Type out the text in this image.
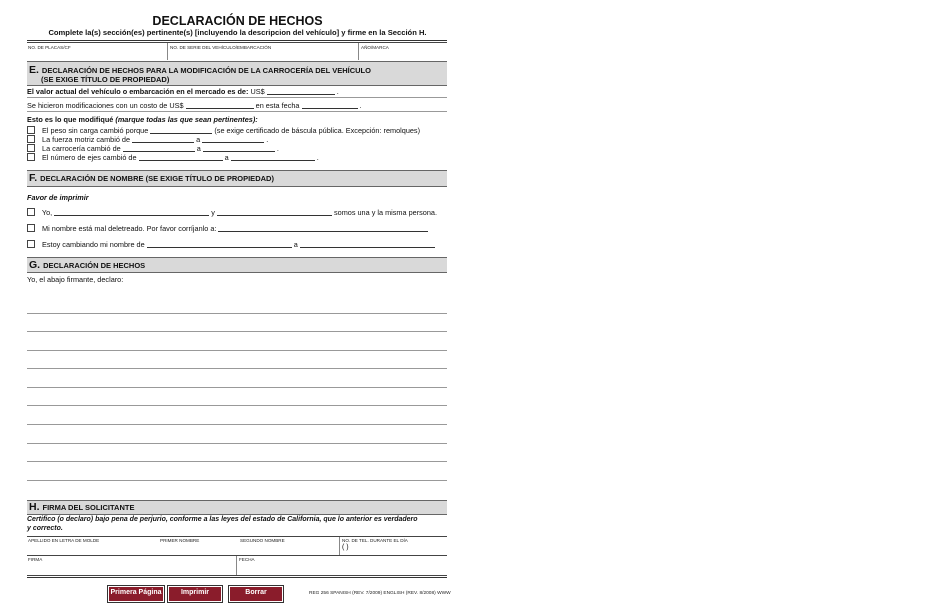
DECLARACIÓN DE HECHOS
Complete la(s) sección(es) pertinente(s) [incluyendo la descripcion del vehículo] y firme en la Sección H.
NO. DE PLACAS/CF	NO. DE SERIE DEL VEHÍCULO/EMBARCACIÓN	AÑO/MARCA
E. DECLARACIÓN DE HECHOS PARA LA MODIFICACIÓN DE LA CARROCERÍA DEL VEHÍCULO
(SE EXIGE TÍTULO DE PROPIEDAD)
El valor actual del vehículo o embarcación en el mercado es de: US$	.
Se hicieron modificaciones con un costo de US$	en esta fecha	.
Esto es lo que modifiqué (marque todas las que sean pertinentes):
El peso sin carga cambió porque	(se exige certificado de báscula pública. Excepción: remolques)
La fuerza motriz cambió de	a	.
La carrocería cambió de	a	.
El número de ejes cambió de	a	.
F. DECLARACIÓN DE NOMBRE (SE EXIGE TÍTULO DE PROPIEDAD)
Favor de imprimir
Yo,	y	somos una y la misma persona.
Mi nombre está mal deletreado. Por favor corríjanlo a:
Estoy cambiando mi nombre de	a
G. DECLARACIÓN DE HECHOS
Yo, el abajo firmante, declaro:
H. FIRMA DEL SOLICITANTE
Certifico (o declaro) bajo pena de perjurio, conforme a las leyes del estado de California, que lo anterior es verdadero
y correcto.
APELLIDO EN LETRA DE MOLDE	PRIMER NOMBRE	SEGUNDO NOMBRE	NO. DE TEL. DURANTE EL DÍA
( )
FIRMA	FECHA
Primera Página	Imprimir	Borrar	REG 256 SPANISH (REV. 7/2009) ENGLISH (REV. 8/2008) WWW
